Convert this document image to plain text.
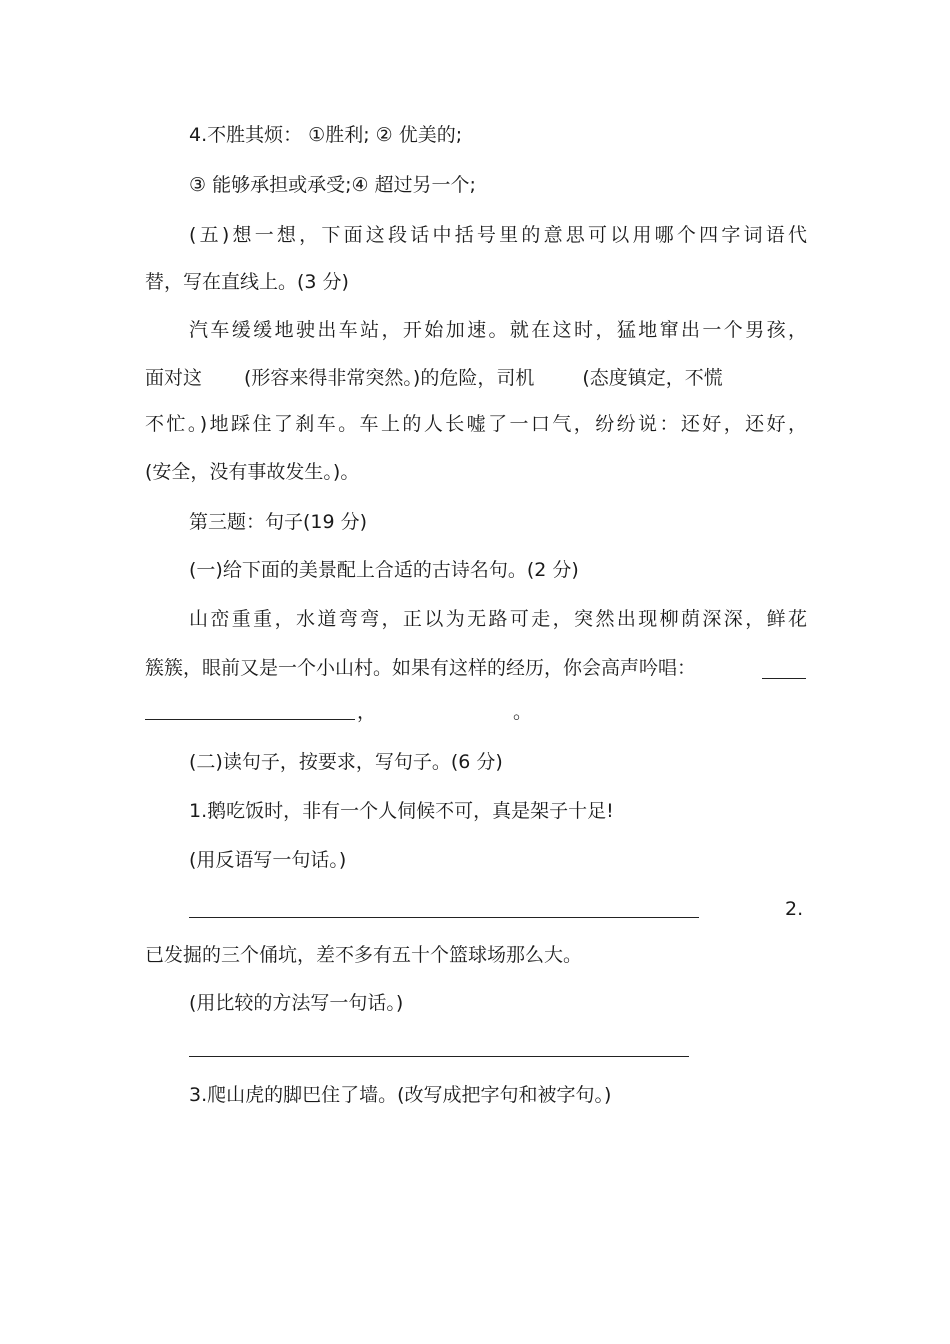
4.不胜其烦： ①胜利; ② 优美的;
③ 能够承担或承受;④ 超过另一个;
(五)想一想，下面这段话中括号里的意思可以用哪个四字词语代
替，写在直线上。(3 分)
汽车缓缓地驶出车站，开始加速。就在这时，猛地窜出一个男孩，
面对这 (形容来得非常突然。)的危险，司机	(态度镇定，不慌
不忙。)地踩住了刹车。车上的人长嘘了一口气，纷纷说：还好，还好，
(安全，没有事故发生。)。
第三题：句子(19 分)
(一)给下面的美景配上合适的古诗名句。(2 分)
山峦重重，水道弯弯，正以为无路可走，突然出现柳荫深深，鲜花
簇簇，眼前又是一个小山村。如果有这样的经历，你会高声吟唱：
，	。
(二)读句子，按要求，写句子。(6 分)
1.鹅吃饭时，非有一个人伺候不可，真是架子十足!
(用反语写一句话。)
2.
已发掘的三个俑坑，差不多有五十个篮球场那么大。
(用比较的方法写一句话。)
3.爬山虎的脚巴住了墙。(改写成把字句和被字句。)
